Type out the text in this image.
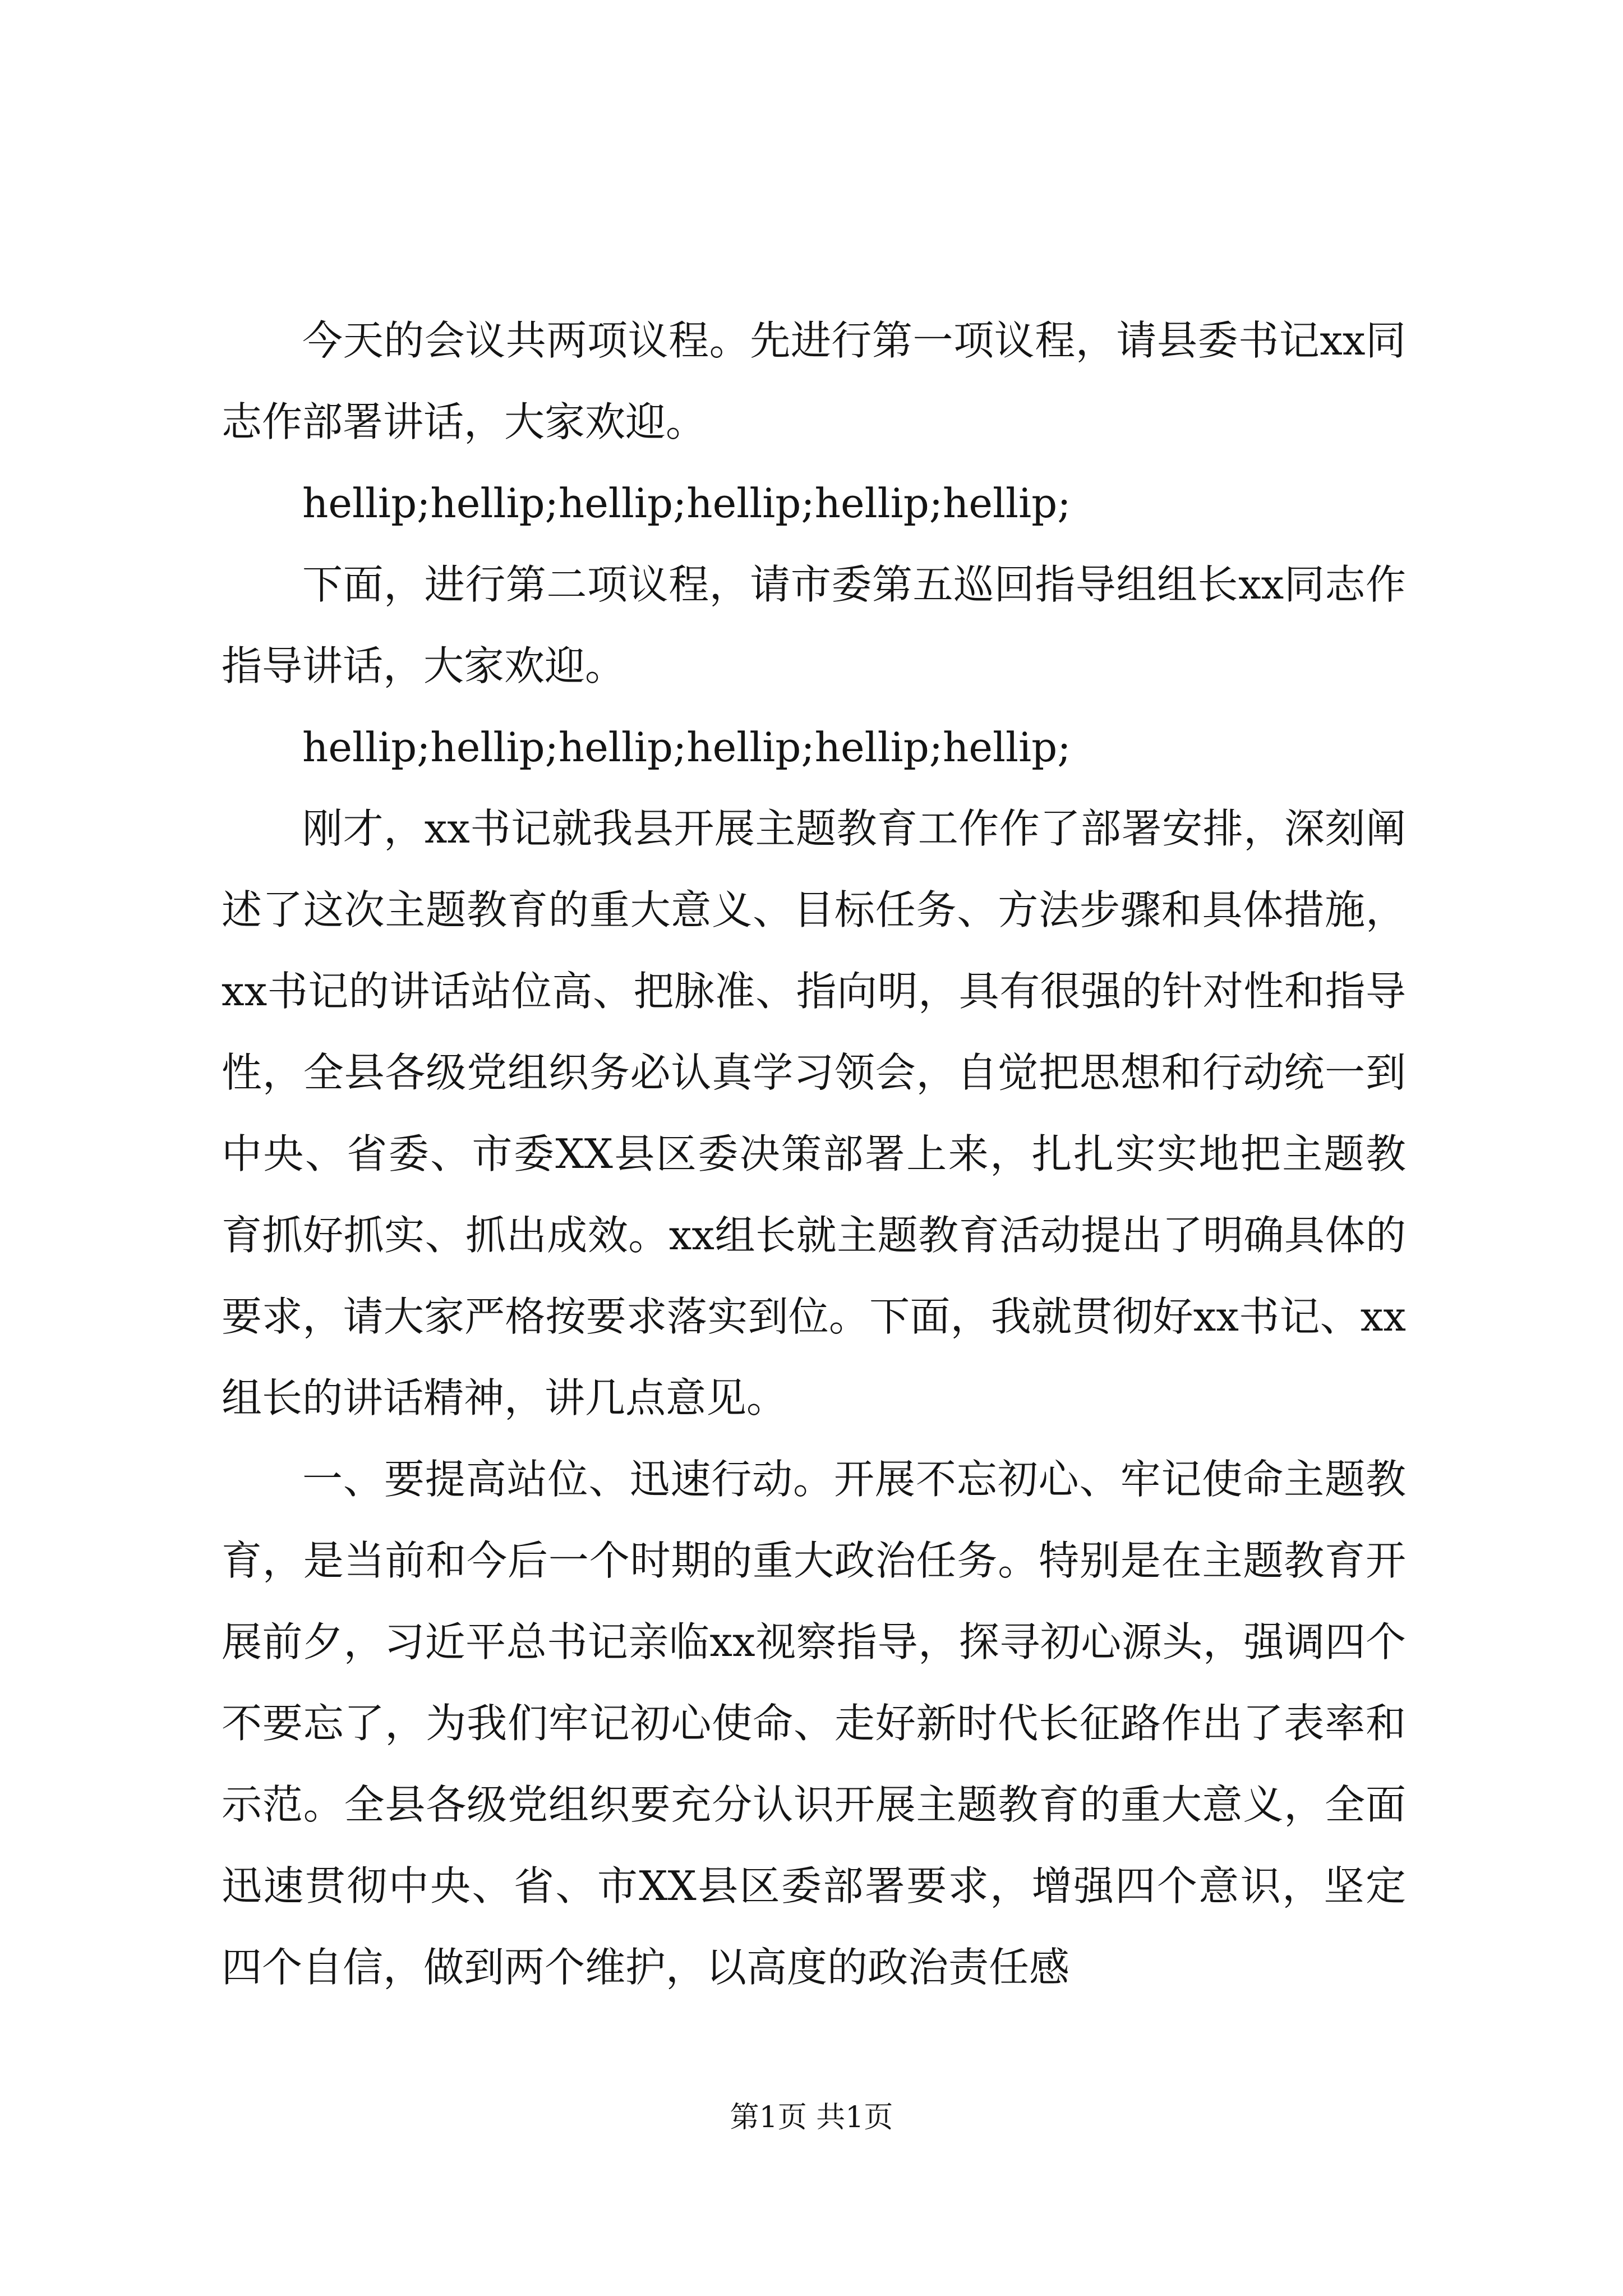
今天的会议共两项议程。先进行第一项议程，请县委书记xx同志作部署讲话，大家欢迎。

hellip;hellip;hellip;hellip;hellip;hellip;

下面，进行第二项议程，请市委第五巡回指导组组长xx同志作指导讲话，大家欢迎。

hellip;hellip;hellip;hellip;hellip;hellip;

刚才，xx书记就我县开展主题教育工作作了部署安排，深刻阐述了这次主题教育的重大意义、目标任务、方法步骤和具体措施，xx书记的讲话站位高、把脉准、指向明，具有很强的针对性和指导性，全县各级党组织务必认真学习领会，自觉把思想和行动统一到中央、省委、市委XX县区委决策部署上来，扎扎实实地把主题教育抓好抓实、抓出成效。xx组长就主题教育活动提出了明确具体的要求，请大家严格按要求落实到位。下面，我就贯彻好xx书记、xx组长的讲话精神，讲几点意见。

一、要提高站位、迅速行动。开展不忘初心、牢记使命主题教育，是当前和今后一个时期的重大政治任务。特别是在主题教育开展前夕，习近平总书记亲临xx视察指导，探寻初心源头，强调四个不要忘了，为我们牢记初心使命、走好新时代长征路作出了表率和示范。全县各级党组织要充分认识开展主题教育的重大意义，全面迅速贯彻中央、省、市XX县区委部署要求，增强四个意识，坚定四个自信，做到两个维护，以高度的政治责任感

第1页 共1页
